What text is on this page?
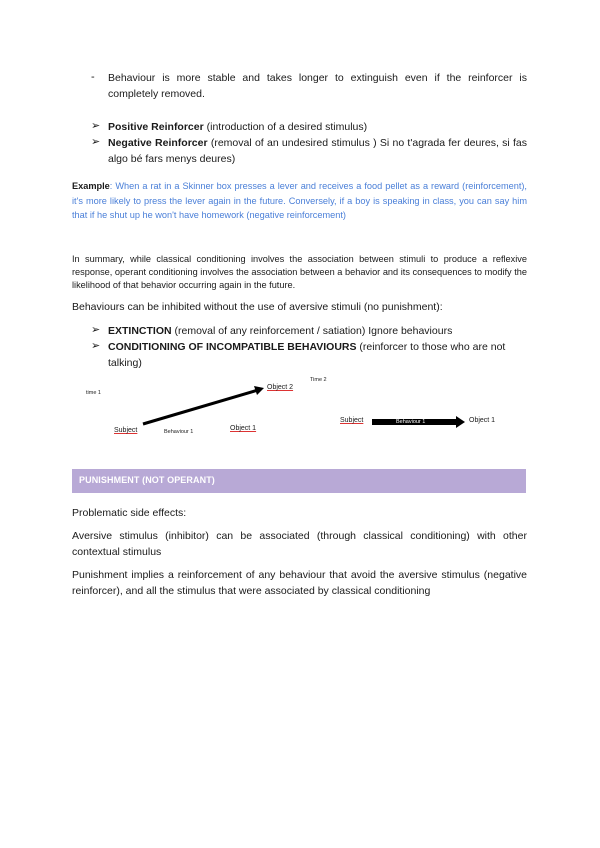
- Behaviour is more stable and takes longer to extinguish even if the reinforcer is completely removed.
➢ Positive Reinforcer (introduction of a desired stimulus)
➢ Negative Reinforcer (removal of an undesired stimulus ) Si no t'agrada fer deures, si fas algo bé fars menys deures)
Example: When a rat in a Skinner box presses a lever and receives a food pellet as a reward (reinforcement), it's more likely to press the lever again in the future. Conversely, if a boy is speaking in class, you can say him that if he shut up he won't have homework (negative reinforcement)
In summary, while classical conditioning involves the association between stimuli to produce a reflexive response, operant conditioning involves the association between a behavior and its consequences to modify the likelihood of that behavior occurring again in the future.
Behaviours can be inhibited without the use of aversive stimuli (no punishment):
➢ EXTINCTION (removal of any reinforcement / satiation) Ignore behaviours
➢ CONDITIONING OF INCOMPATIBLE BEHAVIOURS (reinforcer to those who are not talking)
time 1
Time 2
Object 2
Subject	Behaviour 1	Object 1
Subject	Behaviour 1	Object 1
PUNISHMENT (NOT OPERANT)
Problematic side effects:
Aversive stimulus (inhibitor) can be associated (through classical conditioning) with other contextual stimulus
Punishment implies a reinforcement of any behaviour that avoid the aversive stimulus (negative reinforcer), and all the stimulus that were associated by classical conditioning
